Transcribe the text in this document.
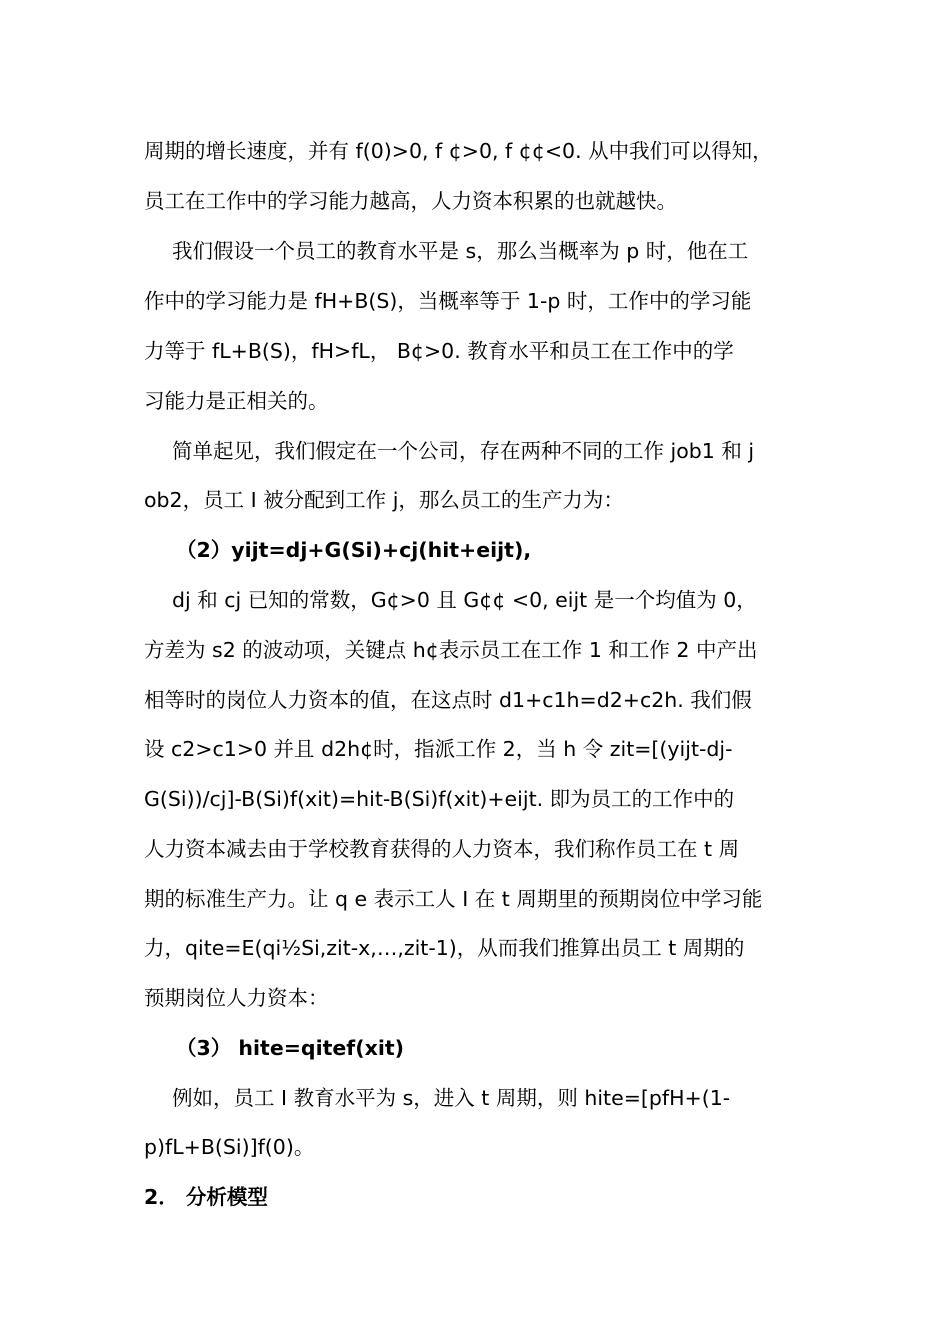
周期的增长速度，并有 f(0)>0, f ¢>0, f ¢¢<0. 从中我们可以得知，
员工在工作中的学习能力越高，人力资本积累的也就越快。
我们假设一个员工的教育水平是 s，那么当概率为 p 时，他在工
作中的学习能力是 fH+B(S)，当概率等于 1-p 时，工作中的学习能
力等于 fL+B(S)，fH>fL， B¢>0. 教育水平和员工在工作中的学
习能力是正相关的。
简单起见，我们假定在一个公司，存在两种不同的工作 job1 和 j
ob2，员工 I 被分配到工作 j，那么员工的生产力为：
（2）yijt=dj+G(Si)+cj(hit+eijt),
dj 和 cj 已知的常数，G¢>0 且 G¢¢ <0, eijt 是一个均值为 0，
方差为 s2 的波动项，关键点 h¢表示员工在工作 1 和工作 2 中产出
相等时的岗位人力资本的值，在这点时 d1+c1h=d2+c2h. 我们假
设 c2>c1>0 并且 d2h¢时，指派工作 2，当 h 令 zit=[(yijt-dj-
G(Si))/cj]-B(Si)f(xit)=hit-B(Si)f(xit)+eijt. 即为员工的工作中的
人力资本减去由于学校教育获得的人力资本，我们称作员工在 t 周
期的标准生产力。让 q e 表示工人 I 在 t 周期里的预期岗位中学习能
力，qite=E(qi½Si,zit-x,…,zit-1)，从而我们推算出员工 t 周期的
预期岗位人力资本：
（3） hite=qitef(xit)
例如，员工 I 教育水平为 s，进入 t 周期，则 hite=[pfH+(1-
p)fL+B(Si)]f(0)。
2． 分析模型
